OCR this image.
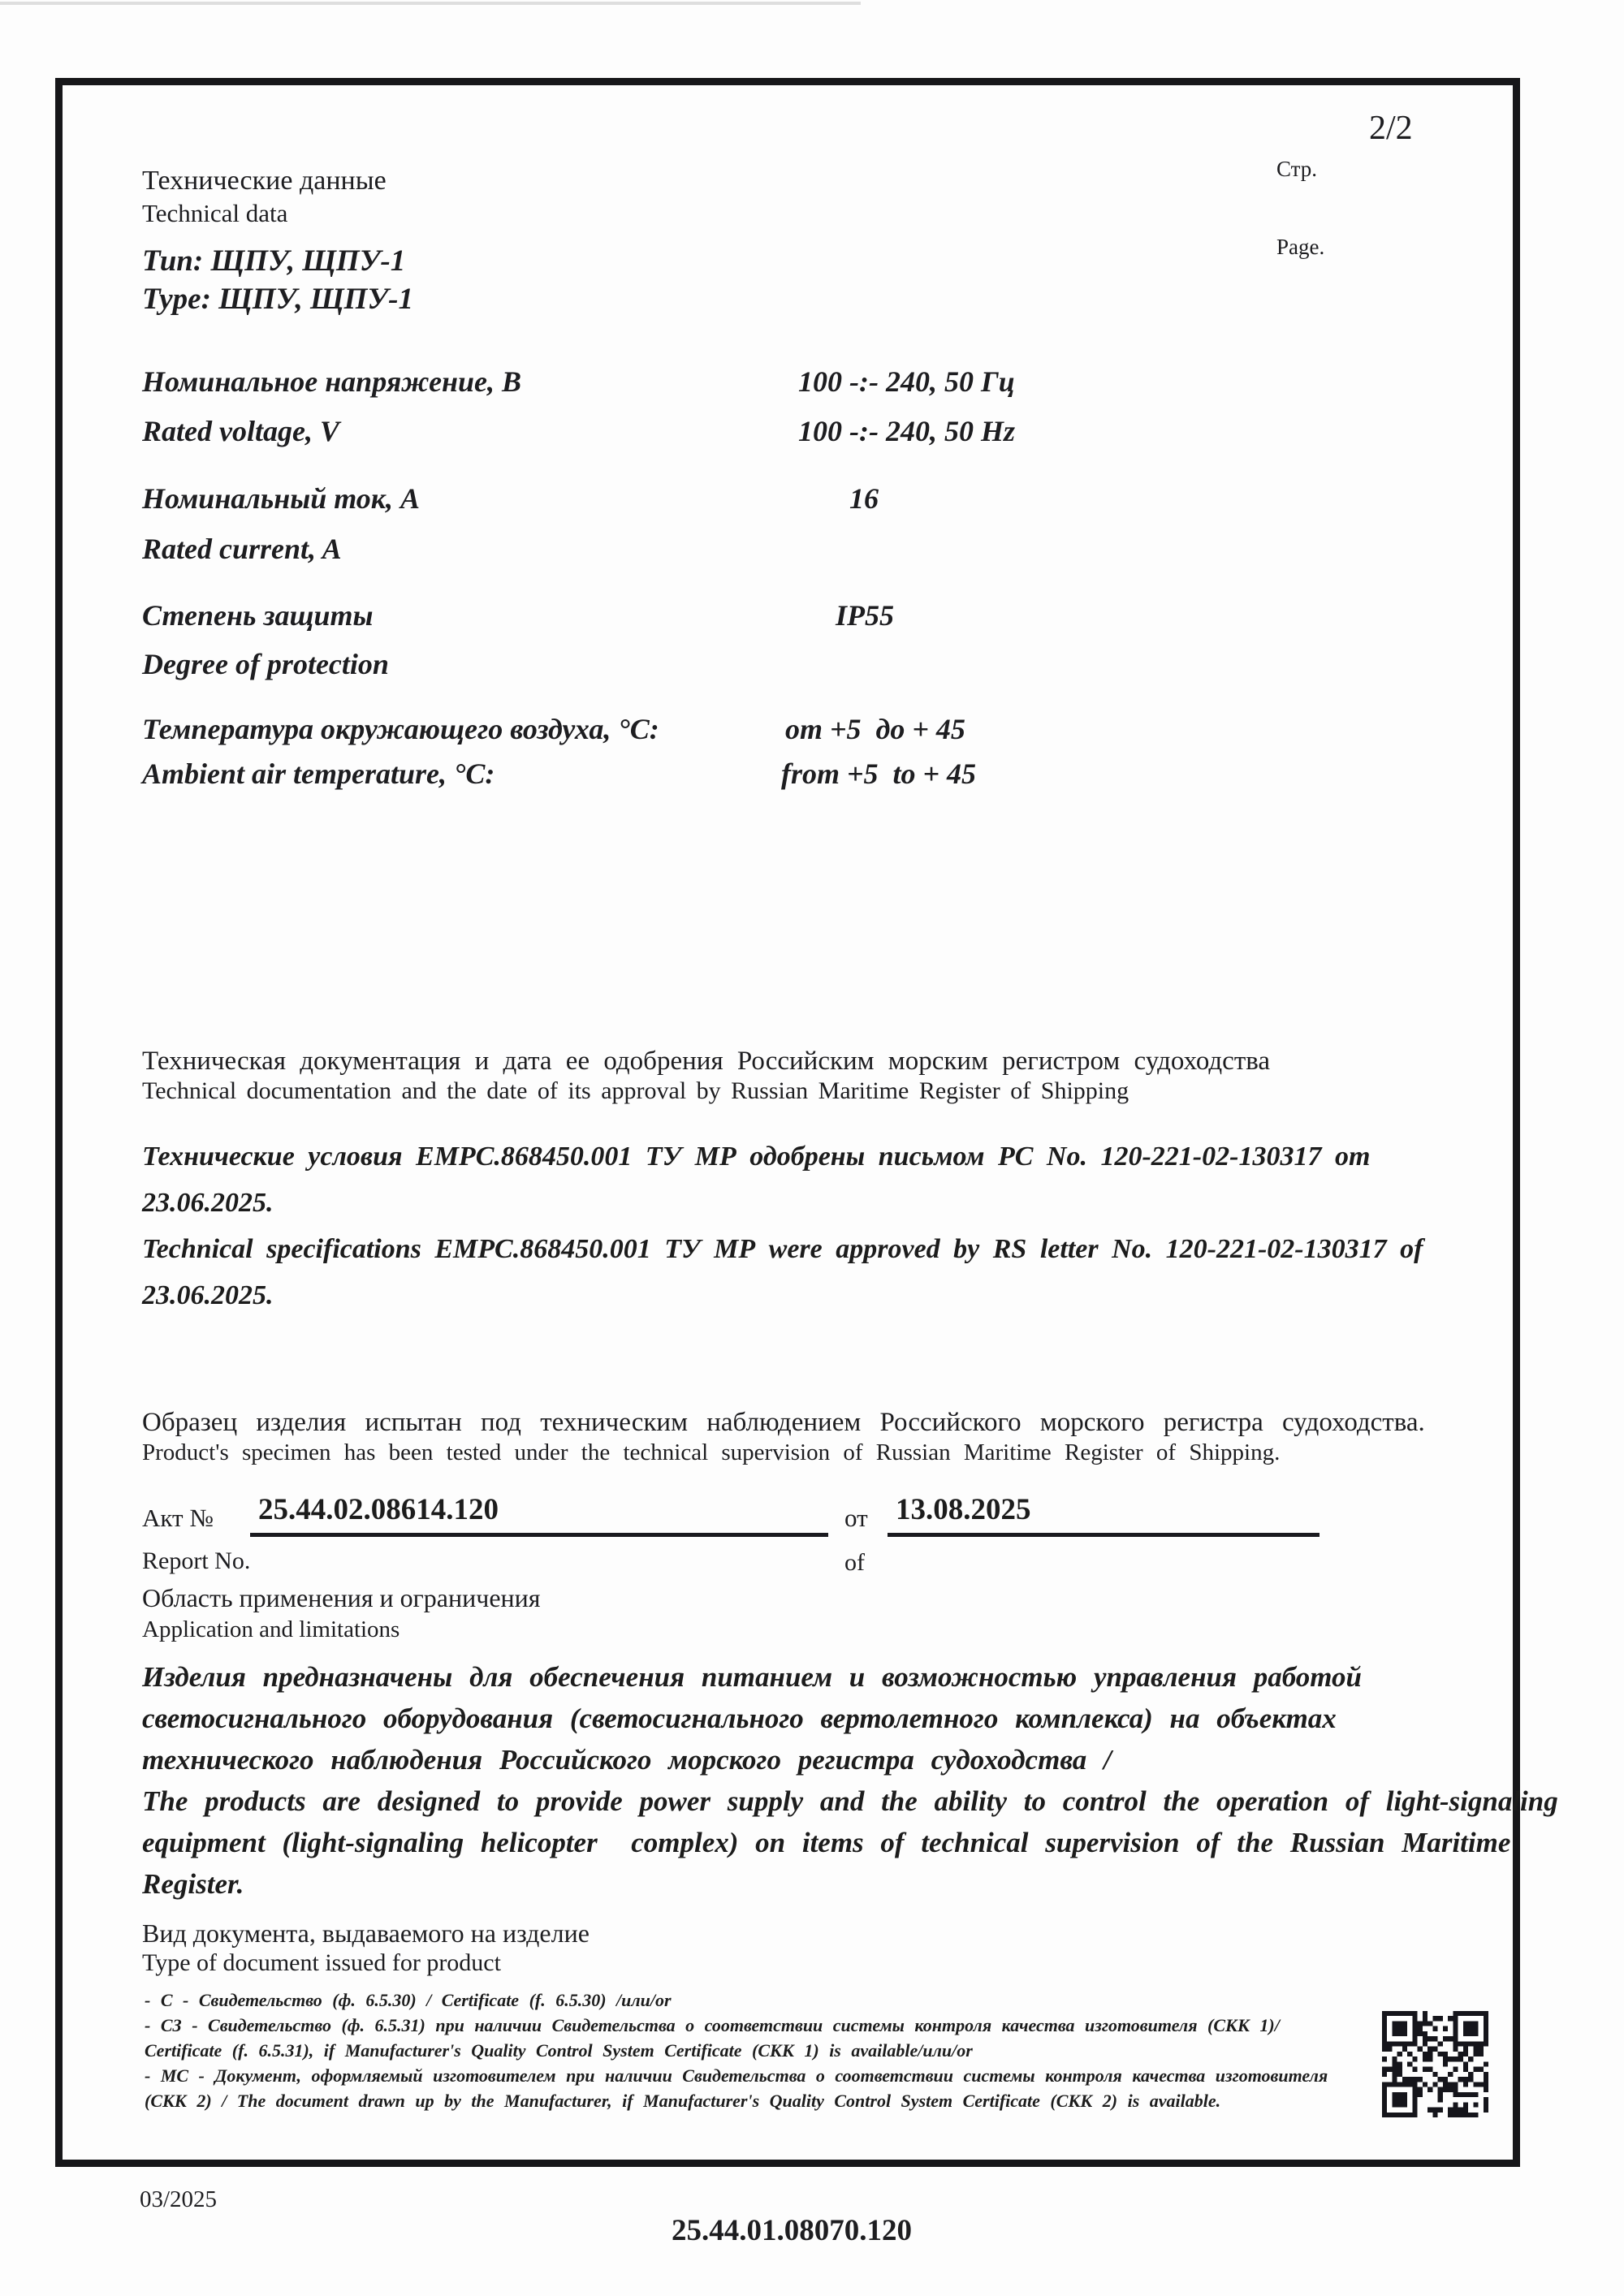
Стр.

Page.

2/2
Технические данные
Technical data
Тип: ЩПУ, ЩПУ-1
Type: ЩПУ, ЩПУ-1
Номинальное напряжение, В	100 -:- 240, 50 Гц
Rated voltage, V	100 -:- 240, 50 Hz
Номинальный ток, А	16
Rated current, A
Степень защиты	IP55
Degree of protection
Температура окружающего воздуха, °С:	от +5  до + 45
Ambient air temperature, °C:	from +5  to + 45
Техническая документация и дата ее одобрения Российским морским регистром судоходства
Technical documentation and the date of its approval by Russian Maritime Register of Shipping
Технические условия ЕМРС.868450.001 ТУ МР одобрены письмом РС No. 120-221-02-130317 от
23.06.2025.
Technical specifications EMPC.868450.001 ТУ МР were approved by RS letter No. 120-221-02-130317 of
23.06.2025.
Образец изделия испытан под техническим наблюдением Российского морского регистра судоходства.
Product's specimen has been tested under the technical supervision of Russian Maritime Register of Shipping.
Акт № 25.44.02.08614.120	от 13.08.2025
Report No.	of
Область применения и ограничения
Application and limitations
Изделия предназначены для обеспечения питанием и возможностью управления работой
светосигнального оборудования (светосигнального вертолетного комплекса) на объектах
технического наблюдения Российского морского регистра судоходства /
The products are designed to provide power supply and the ability to control the operation of light-signaling
equipment (light-signaling helicopter  complex) on items of technical supervision of the Russian Maritime
Register.
Вид документа, выдаваемого на изделие
Type of document issued for product
- С - Свидетельство (ф. 6.5.30) / Certificate (f. 6.5.30) /или/or
- СЗ - Свидетельство (ф. 6.5.31) при наличии Свидетельства о соответствии системы контроля качества изготовителя (СКК 1)/
Certificate (f. 6.5.31), if Manufacturer's Quality Control System Certificate (СКК 1) is available/или/or
- МС - Документ, оформляемый изготовителем при наличии Свидетельства о соответствии системы контроля качества изготовителя
(СКК 2) / The document drawn up by the Manufacturer, if Manufacturer's Quality Control System Certificate (СКК 2) is available.
03/2025
25.44.01.08070.120
